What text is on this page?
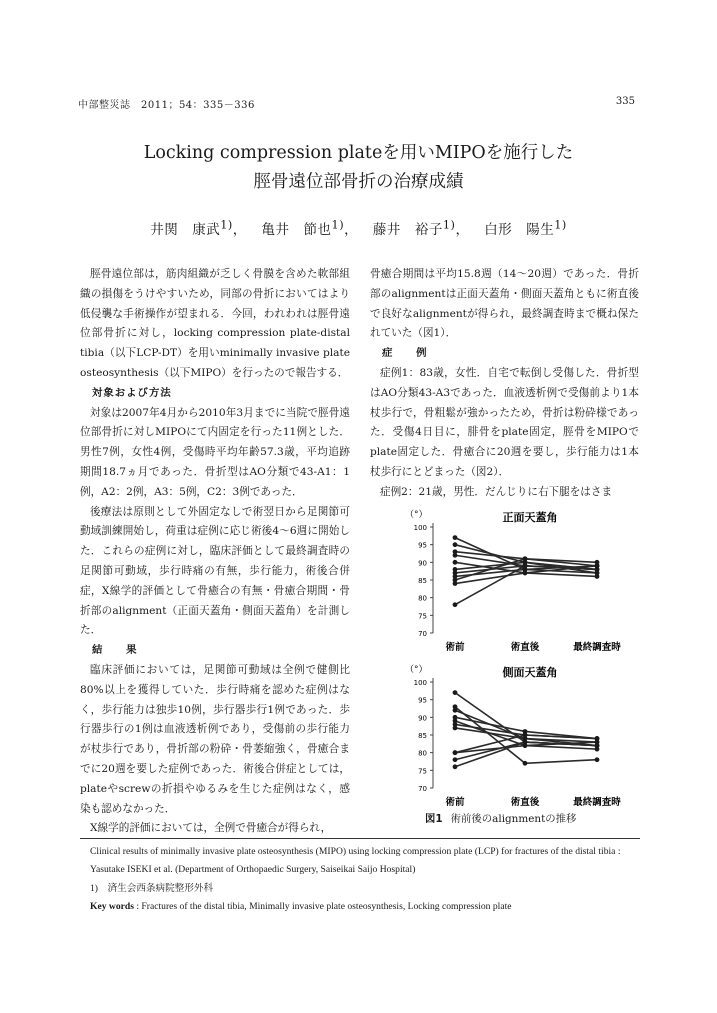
中部整災誌　2011；54：335－336	335
Locking compression plateを用いMIPOを施行した
脛骨遠位部骨折の治療成績
井関　康武$^{1)}$， 亀井　節也$^{1)}$， 藤井　裕子$^{1)}$， 白形　陽生$^{1)}$

脛骨遠位部は，筋肉組織が乏しく骨膜を含めた軟部組織の損傷をうけやすいため，同部の骨折においてはより低侵襲な手術操作が望まれる．今回，われわれは脛骨遠位部骨折に対し，locking compression plate-distal tibia（以下LCP-DT）を用いminimally invasive plate osteosynthesis（以下MIPO）を行ったので報告する．

対象および方法

対象は2007年4月から2010年3月までに当院で脛骨遠位部骨折に対しMIPOにて内固定を行った11例とした．男性7例，女性4例，受傷時平均年齢57.3歳，平均追跡期間18.7ヵ月であった．骨折型はAO分類で43-A1：1例，A2：2例，A3：5例，C2：3例であった．

後療法は原則として外固定なしで術翌日から足関節可動域訓練開始し，荷重は症例に応じ術後4～6週に開始した．これらの症例に対し，臨床評価として最終調査時の足関節可動域，歩行時痛の有無，歩行能力，術後合併症，X線学的評価として骨癒合の有無・骨癒合期間・骨折部のalignment（正面天蓋角・側面天蓋角）を計測した．

結　　果

臨床評価においては，足関節可動域は全例で健側比80%以上を獲得していた．歩行時痛を認めた症例はなく，歩行能力は独歩10例，歩行器歩行1例であった．歩行器歩行の1例は血液透析例であり，受傷前の歩行能力が杖歩行であり，骨折部の粉砕・骨萎縮強く，骨癒合までに20週を要した症例であった．術後合併症としては，plateやscrewの折損やゆるみを生じた症例はなく，感染も認めなかった．

X線学的評価においては，全例で骨癒合が得られ，

骨癒合期間は平均15.8週（14～20週）であった．骨折部のalignmentは正面天蓋角・側面天蓋角ともに術直後で良好なalignmentが得られ，最終調査時まで概ね保たれていた（図1）．

症　　例

症例1：83歳，女性．自宅で転倒し受傷した．骨折型はAO分類43-A3であった．血液透析例で受傷前より1本杖歩行で，骨粗鬆が強かったため，骨折は粉砕様であった．受傷4日目に，腓骨をplate固定，脛骨をMIPOでplate固定した．骨癒合に20週を要し，歩行能力は1本杖歩行にとどまった（図2）．

症例2：21歳，男性．だんじりに右下腿をはさま

（°）	正面天蓋角
70
75
80
85
90
95
100
術前	術直後	最終調査時
（°）	側面天蓋角
70
75
80
85
90
95
100
術前	術直後	最終調査時
図1 術前後のalignmentの推移
Clinical results of minimally invasive plate osteosynthesis (MIPO) using locking compression plate (LCP) for fractures of the distal tibia : Yasutake ISEKI et al. (Department of Orthopaedic Surgery, Saiseikai Saijo Hospital)
1)　済生会西条病院整形外科
Key words : Fractures of the distal tibia, Minimally invasive plate osteosynthesis, Locking compression plate
